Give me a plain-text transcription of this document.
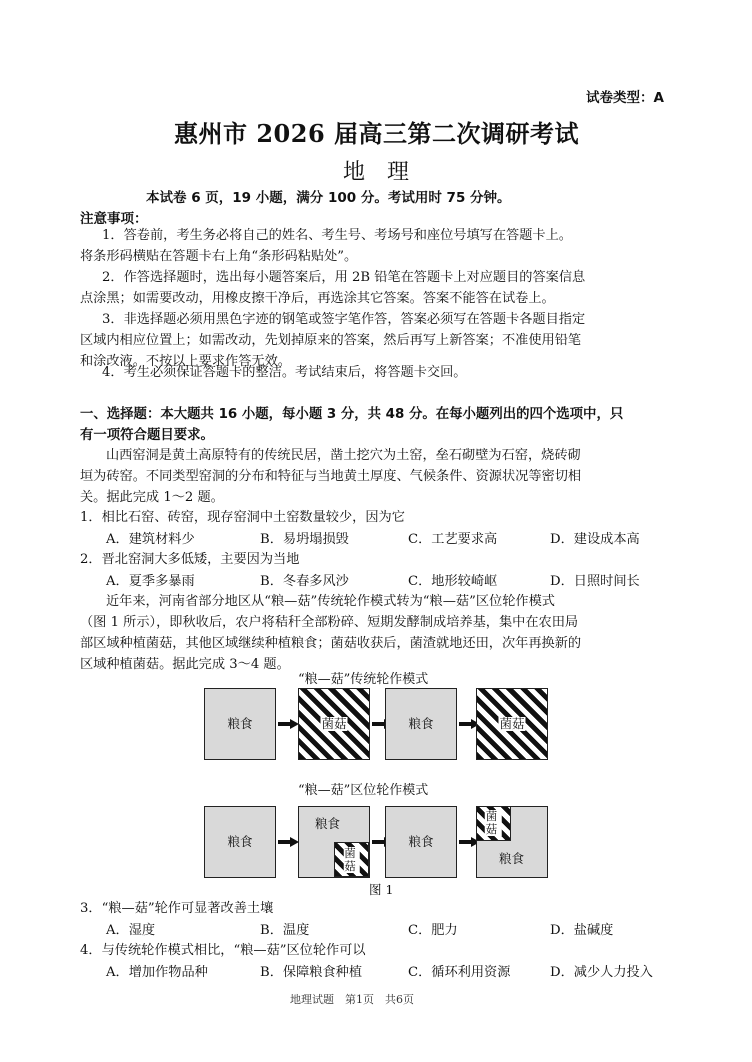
试卷类型：A
惠州市 2026 届高三第二次调研考试
地　理
本试卷 6 页，19 小题，满分 100 分。考试用时 75 分钟。
注意事项：
1．答卷前，考生务必将自己的姓名、考生号、考场号和座位号填写在答题卡上。
将条形码横贴在答题卡右上角“条形码粘贴处”。
2．作答选择题时，选出每小题答案后，用 2B 铅笔在答题卡上对应题目的答案信息
点涂黑；如需要改动，用橡皮擦干净后，再选涂其它答案。答案不能答在试卷上。
3．非选择题必须用黑色字迹的钢笔或签字笔作答，答案必须写在答题卡各题目指定
区域内相应位置上；如需改动，先划掉原来的答案，然后再写上新答案；不准使用铅笔
和涂改液。不按以上要求作答无效。
4．考生必须保证答题卡的整洁。考试结束后，将答题卡交回。
一、选择题：本大题共 16 小题，每小题 3 分，共 48 分。在每小题列出的四个选项中，只
有一项符合题目要求。
山西窑洞是黄土高原特有的传统民居，凿土挖穴为土窑，垒石砌壁为石窑，烧砖砌
垣为砖窑。不同类型窑洞的分布和特征与当地黄土厚度、气候条件、资源状况等密切相
关。据此完成 1～2 题。
1．相比石窑、砖窑，现存窑洞中土窑数量较少，因为它
A．建筑材料少	B．易坍塌损毁	C．工艺要求高	D．建设成本高
2．晋北窑洞大多低矮，主要因为当地
A．夏季多暴雨	B．冬春多风沙	C．地形较崎岖	D．日照时间长
近年来，河南省部分地区从“粮—菇”传统轮作模式转为“粮—菇”区位轮作模式
（图 1 所示），即秋收后，农户将秸秆全部粉碎、短期发酵制成培养基，集中在农田局
部区域种植菌菇，其他区域继续种植粮食；菌菇收获后，菌渣就地还田，次年再换新的
区域种植菌菇。据此完成 3～4 题。
“粮—菇”传统轮作模式
粮食	菌菇	粮食	菌菇
“粮—菇”区位轮作模式
粮食
粮食
菌菇
粮食
菌菇
粮食
图 1
3．“粮—菇”轮作可显著改善土壤
A．湿度	B．温度	C．肥力	D．盐碱度
4．与传统轮作模式相比，“粮—菇”区位轮作可以
A．增加作物品种	B．保障粮食种植	C．循环利用资源	D．减少人力投入
地理试题　第1页　共6页
